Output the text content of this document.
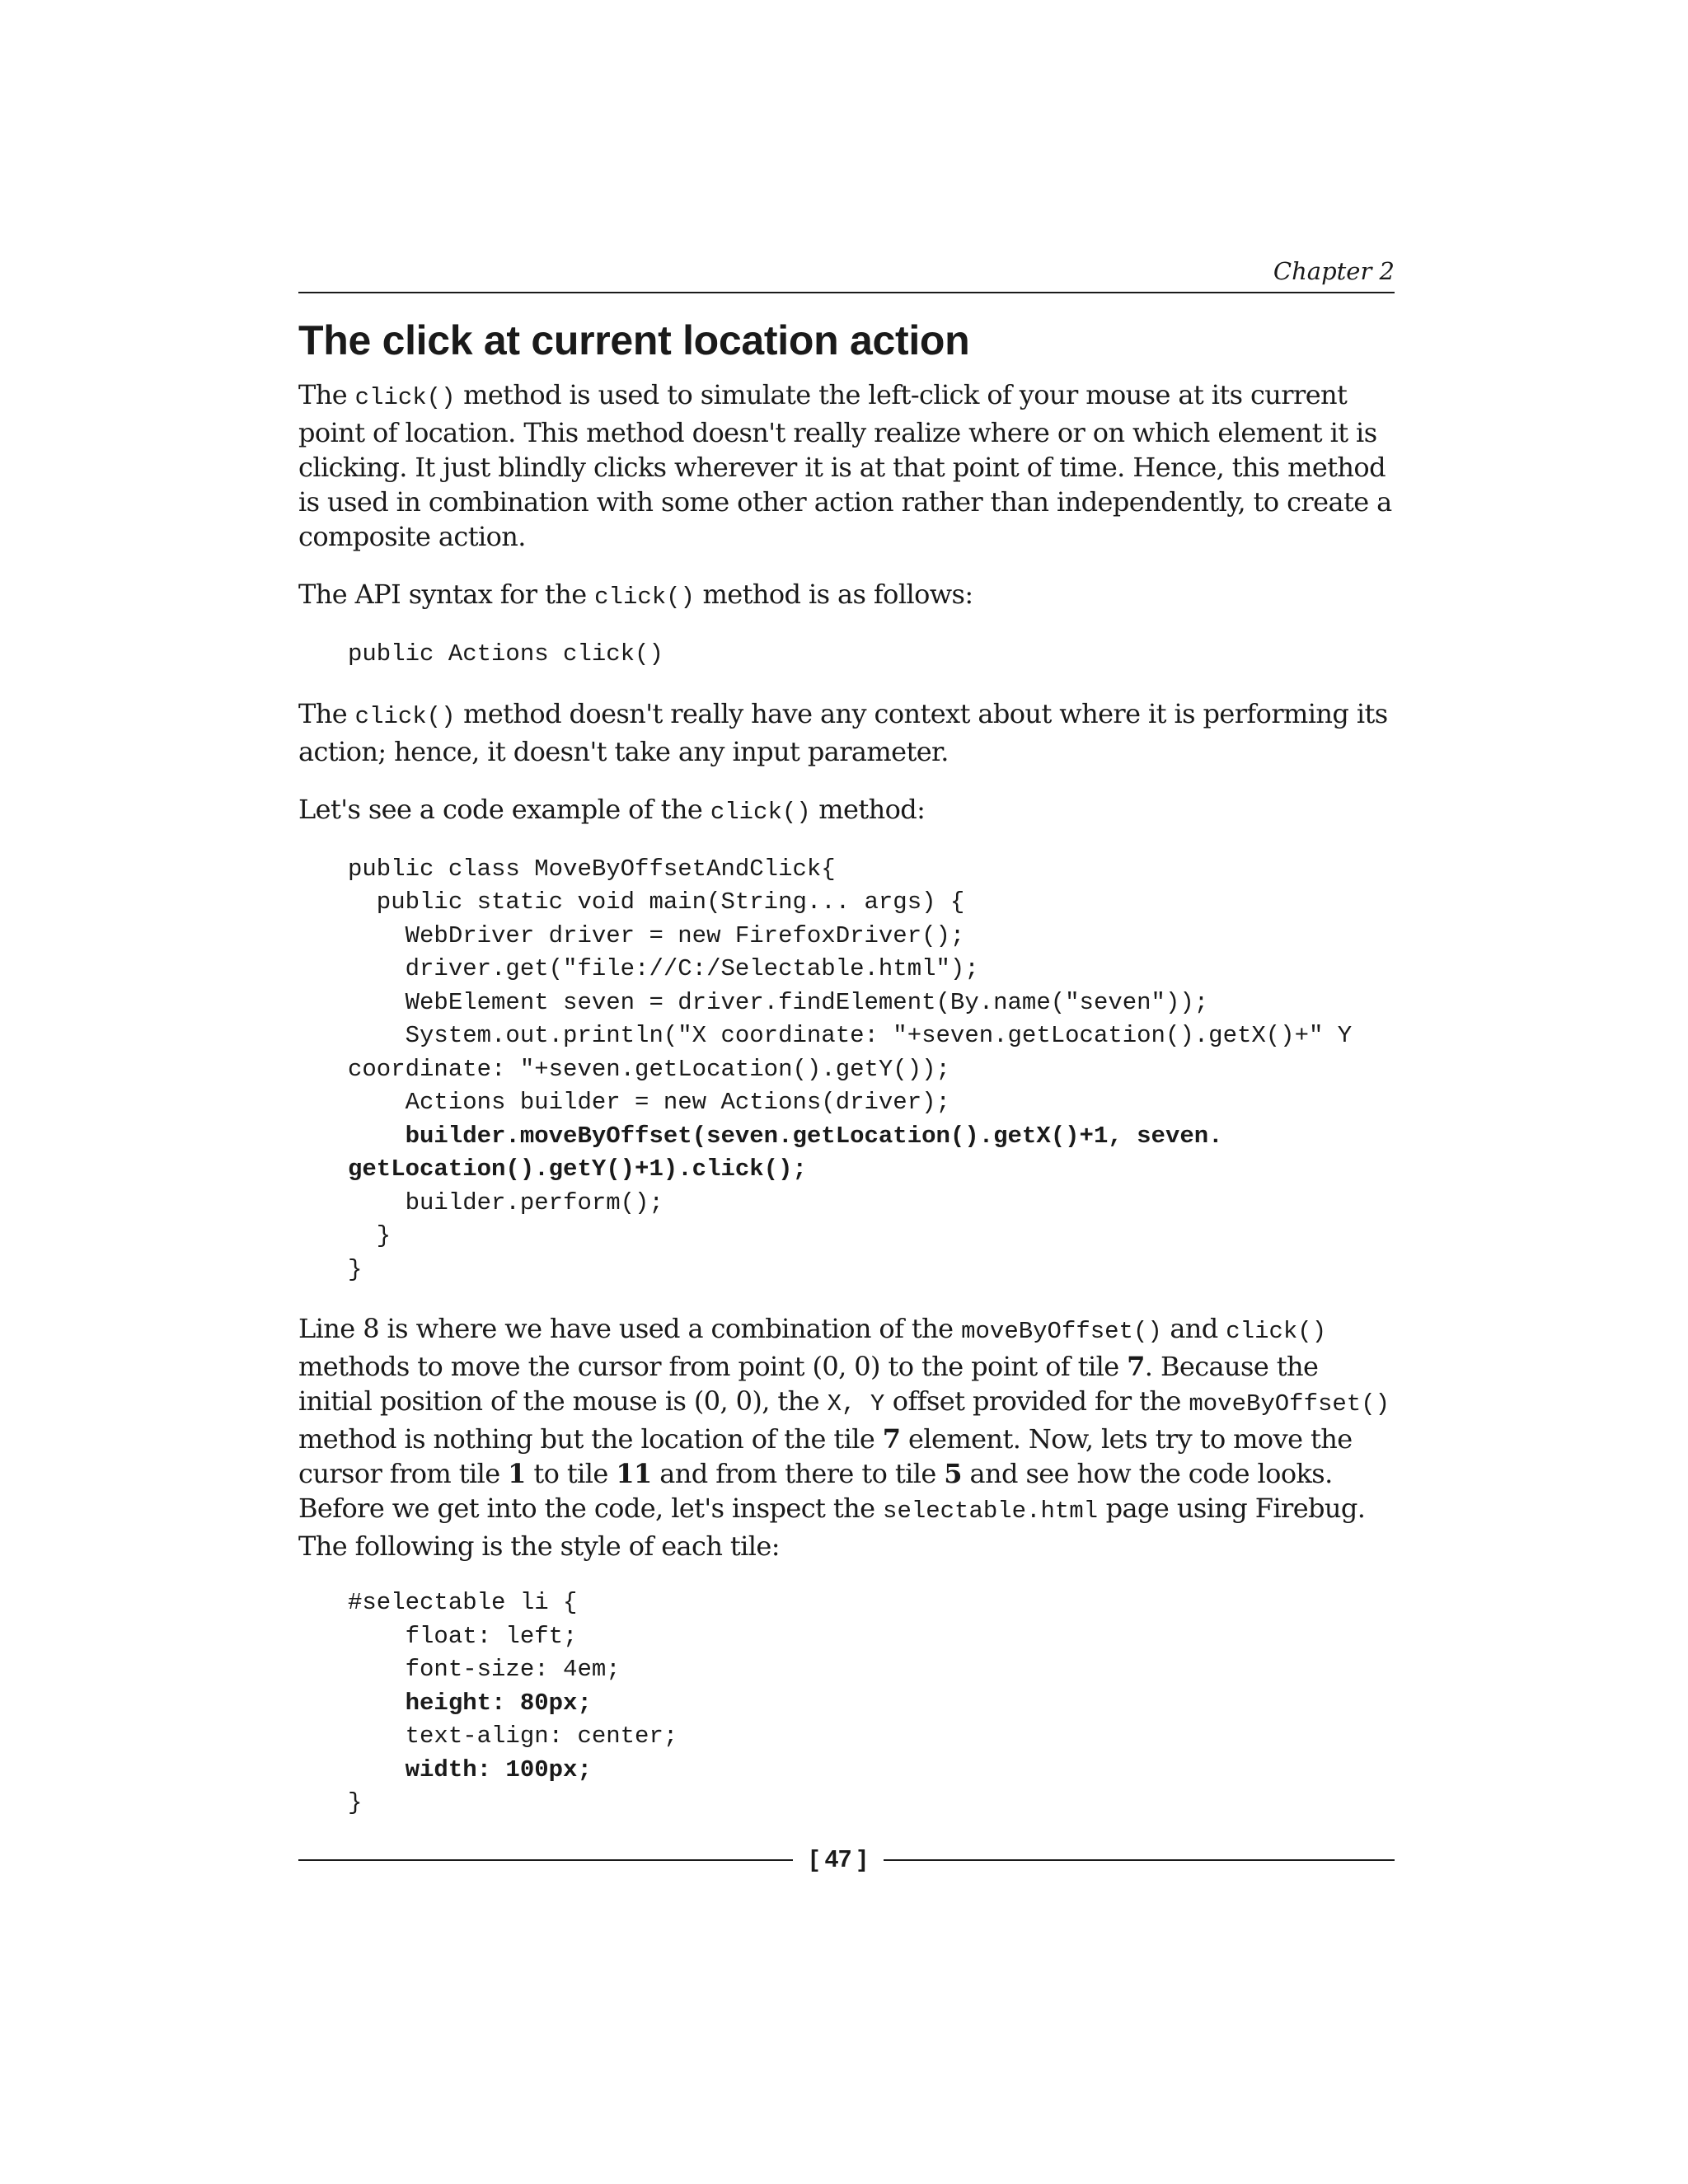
Chapter 2
The click at current location action

The click() method is used to simulate the left-click of your mouse at its current point of location. This method doesn't really realize where or on which element it is clicking. It just blindly clicks wherever it is at that point of time. Hence, this method is used in combination with some other action rather than independently, to create a composite action.

The API syntax for the click() method is as follows:

public Actions click()

The click() method doesn't really have any context about where it is performing its action; hence, it doesn't take any input parameter.

Let's see a code example of the click() method:

public class MoveByOffsetAndClick{
public static void main(String... args) {
WebDriver driver = new FirefoxDriver();
driver.get("file://C:/Selectable.html");
WebElement seven = driver.findElement(By.name("seven"));
System.out.println("X coordinate: "+seven.getLocation().getX()+" Y
coordinate: "+seven.getLocation().getY());
Actions builder = new Actions(driver);
builder.moveByOffset(seven.getLocation().getX()+1, seven.
getLocation().getY()+1).click();
builder.perform();
}
}

Line 8 is where we have used a combination of the moveByOffset() and click() methods to move the cursor from point (0, 0) to the point of tile 7. Because the initial position of the mouse is (0, 0), the X, Y offset provided for the moveByOffset() method is nothing but the location of the tile 7 element. Now, lets try to move the cursor from tile 1 to tile 11 and from there to tile 5 and see how the code looks. Before we get into the code, let's inspect the selectable.html page using Firebug. The following is the style of each tile:

#selectable li {
float: left;
font-size: 4em;
height: 80px;
text-align: center;
width: 100px;
}
[ 47 ]
